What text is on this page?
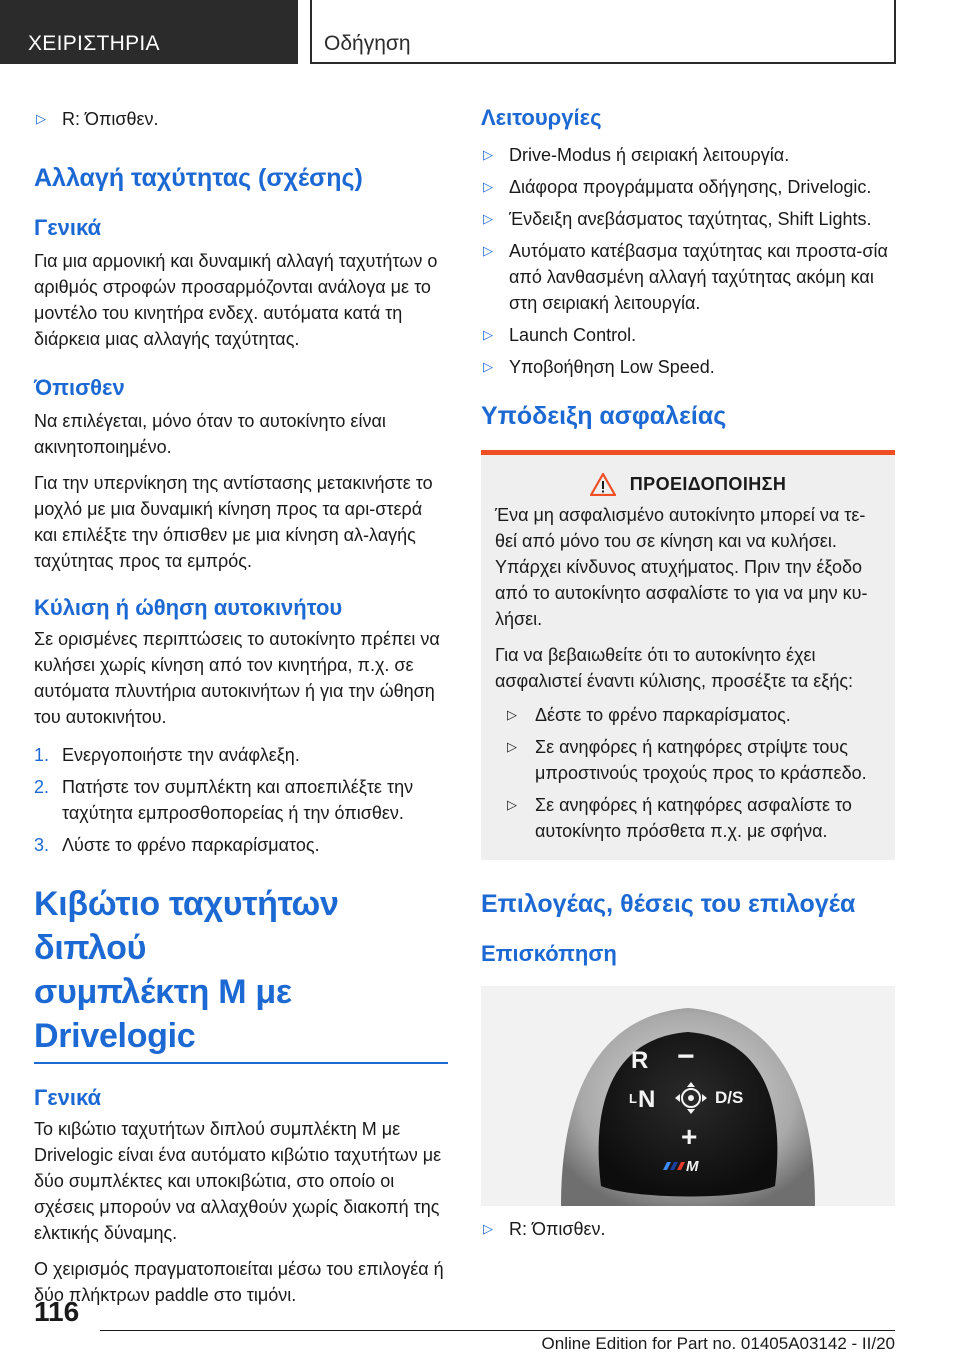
ΧΕΙΡΙΣΤΗΡΙΑ	Οδήγηση
▷ R: Όπισθεν.
Αλλαγή ταχύτητας (σχέσης)
Γενικά

Για μια αρμονική και δυναμική αλλαγή ταχυτήτων ο αριθμός στροφών προσαρμόζονται ανάλογα με το μοντέλο του κινητήρα ενδεχ. αυτόματα κατά τη διάρκεια μιας αλλαγής ταχύτητας.

Όπισθεν

Να επιλέγεται, μόνο όταν το αυτοκίνητο είναι ακινητοποιημένο.

Για την υπερνίκηση της αντίστασης μετακινήστε το μοχλό με μια δυναμική κίνηση προς τα αρι-στερά και επιλέξτε την όπισθεν με μια κίνηση αλ-λαγής ταχύτητας προς τα εμπρός.

Κύλιση ή ώθηση αυτοκινήτου

Σε ορισμένες περιπτώσεις το αυτοκίνητο πρέπει να κυλήσει χωρίς κίνηση από τον κινητήρα, π.χ. σε αυτόματα πλυντήρια αυτοκινήτων ή για την ώθηση του αυτοκινήτου.

1. Ενεργοποιήστε την ανάφλεξη.
2. Πατήστε τον συμπλέκτη και αποεπιλέξτε την ταχύτητα εμπροσθοπορείας ή την όπισθεν.
3. Λύστε το φρένο παρκαρίσματος.
Κιβώτιο ταχυτήτων διπλού
συμπλέκτη M με Drivelogic
Γενικά

Το κιβώτιο ταχυτήτων διπλού συμπλέκτη M με Drivelogic είναι ένα αυτόματο κιβώτιο ταχυτήτων με δύο συμπλέκτες και υποκιβώτια, στο οποίο οι σχέσεις μπορούν να αλλαχθούν χωρίς διακοπή της ελκτικής δύναμης.

Ο χειρισμός πραγματοποιείται μέσω του επιλογέα ή δύο πλήκτρων paddle στο τιμόνι.

Λειτουργίες
▷ Drive-Modus ή σειριακή λειτουργία.
▷ Διάφορα προγράμματα οδήγησης, Drivelogic.
▷ Ένδειξη ανεβάσματος ταχύτητας, Shift Lights.
▷ Αυτόματο κατέβασμα ταχύτητας και προστα-σία από λανθασμένη αλλαγή ταχύτητας ακόμη και στη σειριακή λειτουργία.
▷ Launch Control.
▷ Υποβοήθηση Low Speed.
Υπόδειξη ασφαλείας
ΠΡΟΕΙΔΟΠΟΙΗΣΗ

Ένα μη ασφαλισμένο αυτοκίνητο μπορεί να τε-θεί από μόνο του σε κίνηση και να κυλήσει. Υπάρχει κίνδυνος ατυχήματος. Πριν την έξοδο από το αυτοκίνητο ασφαλίστε το για να μην κυ-λήσει.

Για να βεβαιωθείτε ότι το αυτοκίνητο έχει ασφαλιστεί έναντι κύλισης, προσέξτε τα εξής:

▷ Δέστε το φρένο παρκαρίσματος.
▷ Σε ανηφόρες ή κατηφόρες στρίψτε τους μπροστινούς τροχούς προς το κράσπεδο.
▷ Σε ανηφόρες ή κατηφόρες ασφαλίστε το αυτοκίνητο πρόσθετα π.χ. με σφήνα.
Επιλογέας, θέσεις του επιλογέα
Επισκόπηση
R −
L N	D/S
+
M
▷ R: Όπισθεν.
116
Online Edition for Part no. 01405A03142 - II/20
